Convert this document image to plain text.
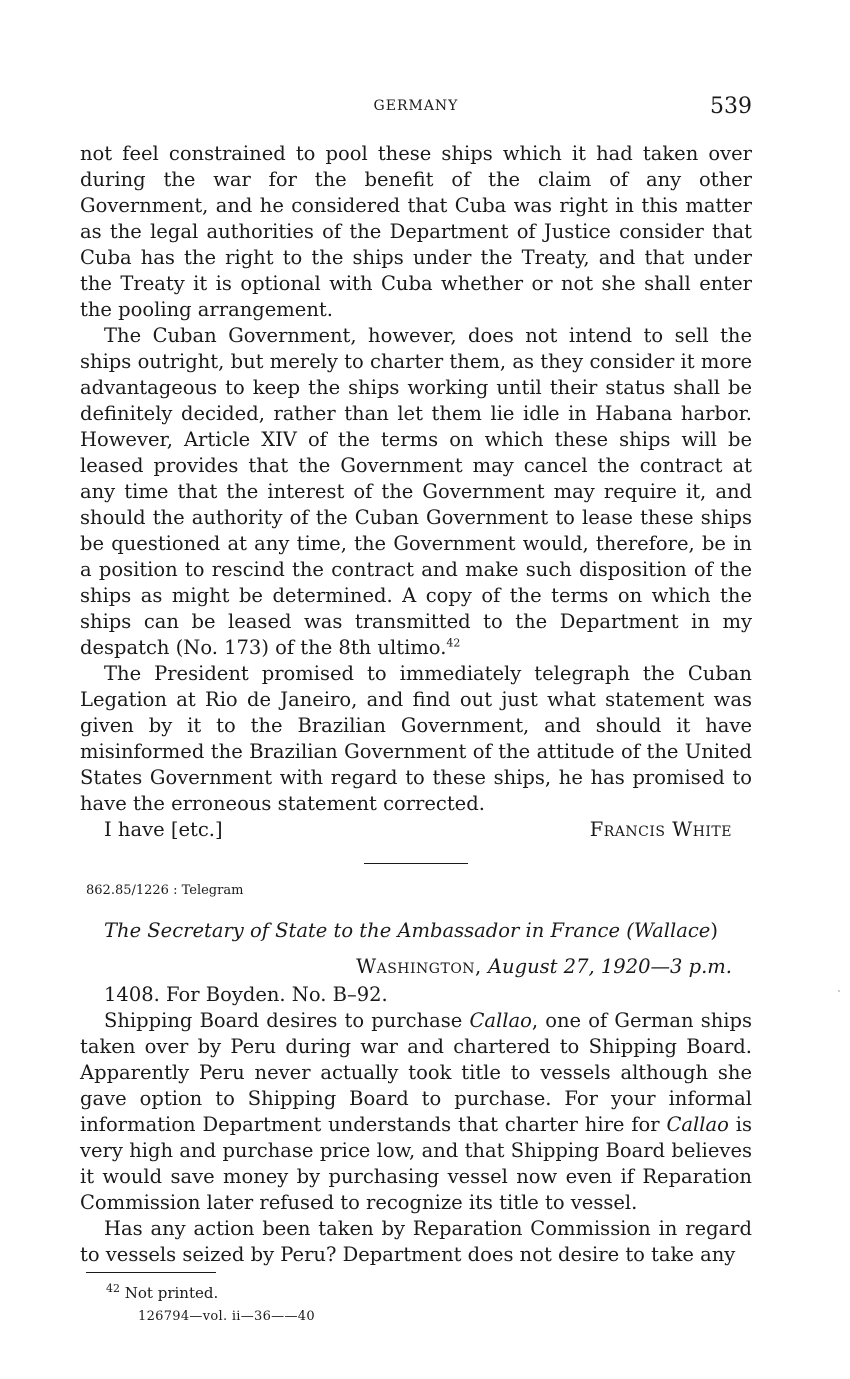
GERMANY	539

not feel constrained to pool these ships which it had taken over during the war for the benefit of the claim of any other Government, and he considered that Cuba was right in this matter as the legal authorities of the Department of Justice consider that Cuba has the right to the ships under the Treaty, and that under the Treaty it is optional with Cuba whether or not she shall enter the pooling arrangement.

The Cuban Government, however, does not intend to sell the ships outright, but merely to charter them, as they consider it more advantageous to keep the ships working until their status shall be definitely decided, rather than let them lie idle in Habana harbor. However, Article XIV of the terms on which these ships will be leased provides that the Government may cancel the contract at any time that the interest of the Government may require it, and should the authority of the Cuban Government to lease these ships be questioned at any time, the Government would, therefore, be in a position to rescind the contract and make such disposition of the ships as might be determined. A copy of the terms on which the ships can be leased was transmitted to the Department in my despatch (No. 173) of the 8th ultimo.$^{42}$

The President promised to immediately telegraph the Cuban Legation at Rio de Janeiro, and find out just what statement was given by it to the Brazilian Government, and should it have misinformed the Brazilian Government of the attitude of the United States Government with regard to these ships, he has promised to have the erroneous statement corrected.

I have [etc.]	Francis White
862.85/1226 : Telegram
The Secretary of State to the Ambassador in France (Wallace)
Washington, August 27, 1920—3 p.m.

1408. For Boyden. No. B–92.

Shipping Board desires to purchase Callao, one of German ships taken over by Peru during war and chartered to Shipping Board. Apparently Peru never actually took title to vessels although she gave option to Shipping Board to purchase. For your informal information Department understands that charter hire for Callao is very high and purchase price low, and that Shipping Board believes it would save money by purchasing vessel now even if Reparation Commission later refused to recognize its title to vessel.

Has any action been taken by Reparation Commission in regard to vessels seized by Peru? Department does not desire to take any

$^{42}$ Not printed.
126794—vol. ii—36——40
